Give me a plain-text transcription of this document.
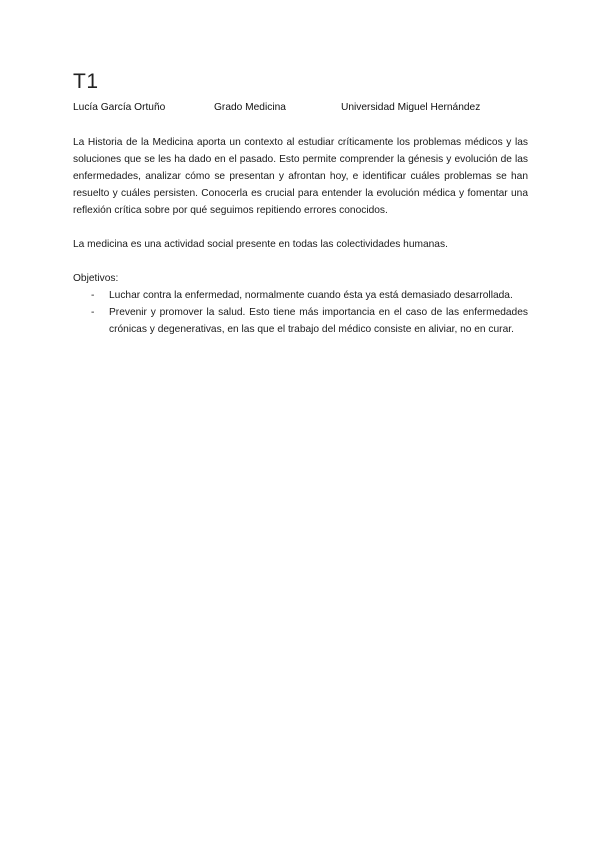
T1
Lucía García Ortuño	Grado Medicina	Universidad Miguel Hernández

La Historia de la Medicina aporta un contexto al estudiar críticamente los problemas médicos y las soluciones que se les ha dado en el pasado. Esto permite comprender la génesis y evolución de las enfermedades, analizar cómo se presentan y afrontan hoy, e identificar cuáles problemas se han resuelto y cuáles persisten. Conocerla es crucial para entender la evolución médica y fomentar una reflexión crítica sobre por qué seguimos repitiendo errores conocidos.

La medicina es una actividad social presente en todas las colectividades humanas.

Objetivos:

- Luchar contra la enfermedad, normalmente cuando ésta ya está demasiado desarrollada.
- Prevenir y promover la salud. Esto tiene más importancia en el caso de las enfermedades crónicas y degenerativas, en las que el trabajo del médico consiste en aliviar, no en curar.
